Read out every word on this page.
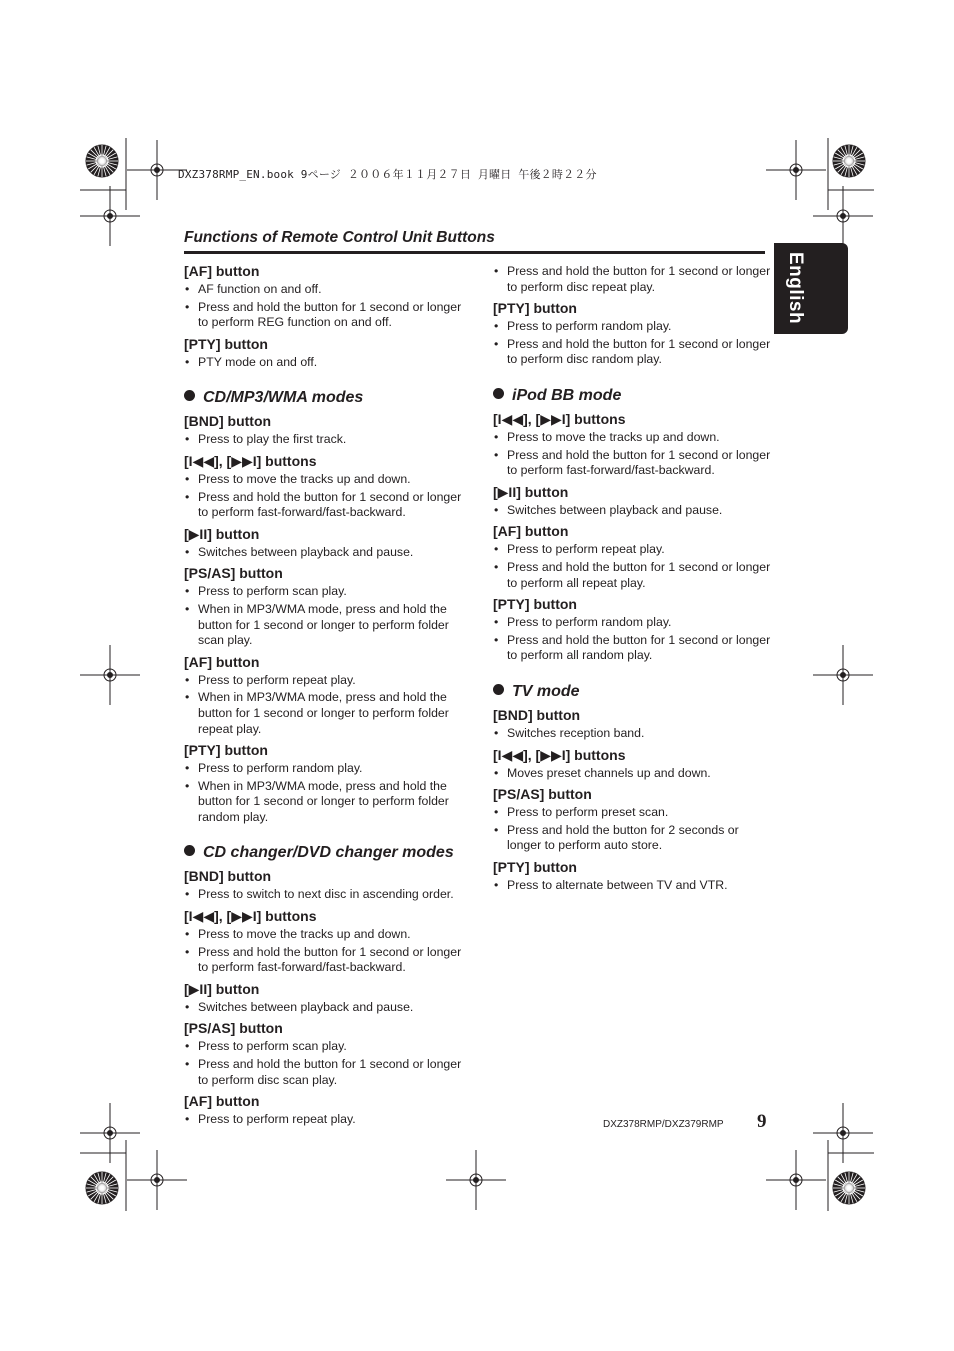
DXZ378RMP_EN.book 9ページ ２００６年１１月２７日 月曜日 午後２時２２分
Functions of Remote Control Unit Buttons
English
[AF] button
• AF function on and off.
• Press and hold the button for 1 second or longer to perform REG function on and off.
[PTY] button
• PTY mode on and off.
CD/MP3/WMA modes
[BND] button
• Press to play the first track.
[I◀◀], [▶▶I] buttons
• Press to move the tracks up and down.
• Press and hold the button for 1 second or longer to perform fast-forward/fast-backward.
[▶II] button
• Switches between playback and pause.
[PS/AS] button
• Press to perform scan play.
• When in MP3/WMA mode, press and hold the button for 1 second or longer to perform folder scan play.
[AF] button
• Press to perform repeat play.
• When in MP3/WMA mode, press and hold the button for 1 second or longer to perform folder repeat play.
[PTY] button
• Press to perform random play.
• When in MP3/WMA mode, press and hold the button for 1 second or longer to perform folder random play.
CD changer/DVD changer modes
[BND] button
• Press to switch to next disc in ascending order.
[I◀◀], [▶▶I] buttons
• Press to move the tracks up and down.
• Press and hold the button for 1 second or longer to perform fast-forward/fast-backward.
[▶II] button
• Switches between playback and pause.
[PS/AS] button
• Press to perform scan play.
• Press and hold the button for 1 second or longer to perform disc scan play.
[AF] button
• Press to perform repeat play.
• Press and hold the button for 1 second or longer to perform disc repeat play.
[PTY] button
• Press to perform random play.
• Press and hold the button for 1 second or longer to perform disc random play.
iPod BB mode
[I◀◀], [▶▶I] buttons
• Press to move the tracks up and down.
• Press and hold the button for 1 second or longer to perform fast-forward/fast-backward.
[▶II] button
• Switches between playback and pause.
[AF] button
• Press to perform repeat play.
• Press and hold the button for 1 second or longer to perform all repeat play.
[PTY] button
• Press to perform random play.
• Press and hold the button for 1 second or longer to perform all random play.
TV mode
[BND] button
• Switches reception band.
[I◀◀], [▶▶I] buttons
• Moves preset channels up and down.
[PS/AS] button
• Press to perform preset scan.
• Press and hold the button for 2 seconds or longer to perform auto store.
[PTY] button
• Press to alternate between TV and VTR.
DXZ378RMP/DXZ379RMP 9
